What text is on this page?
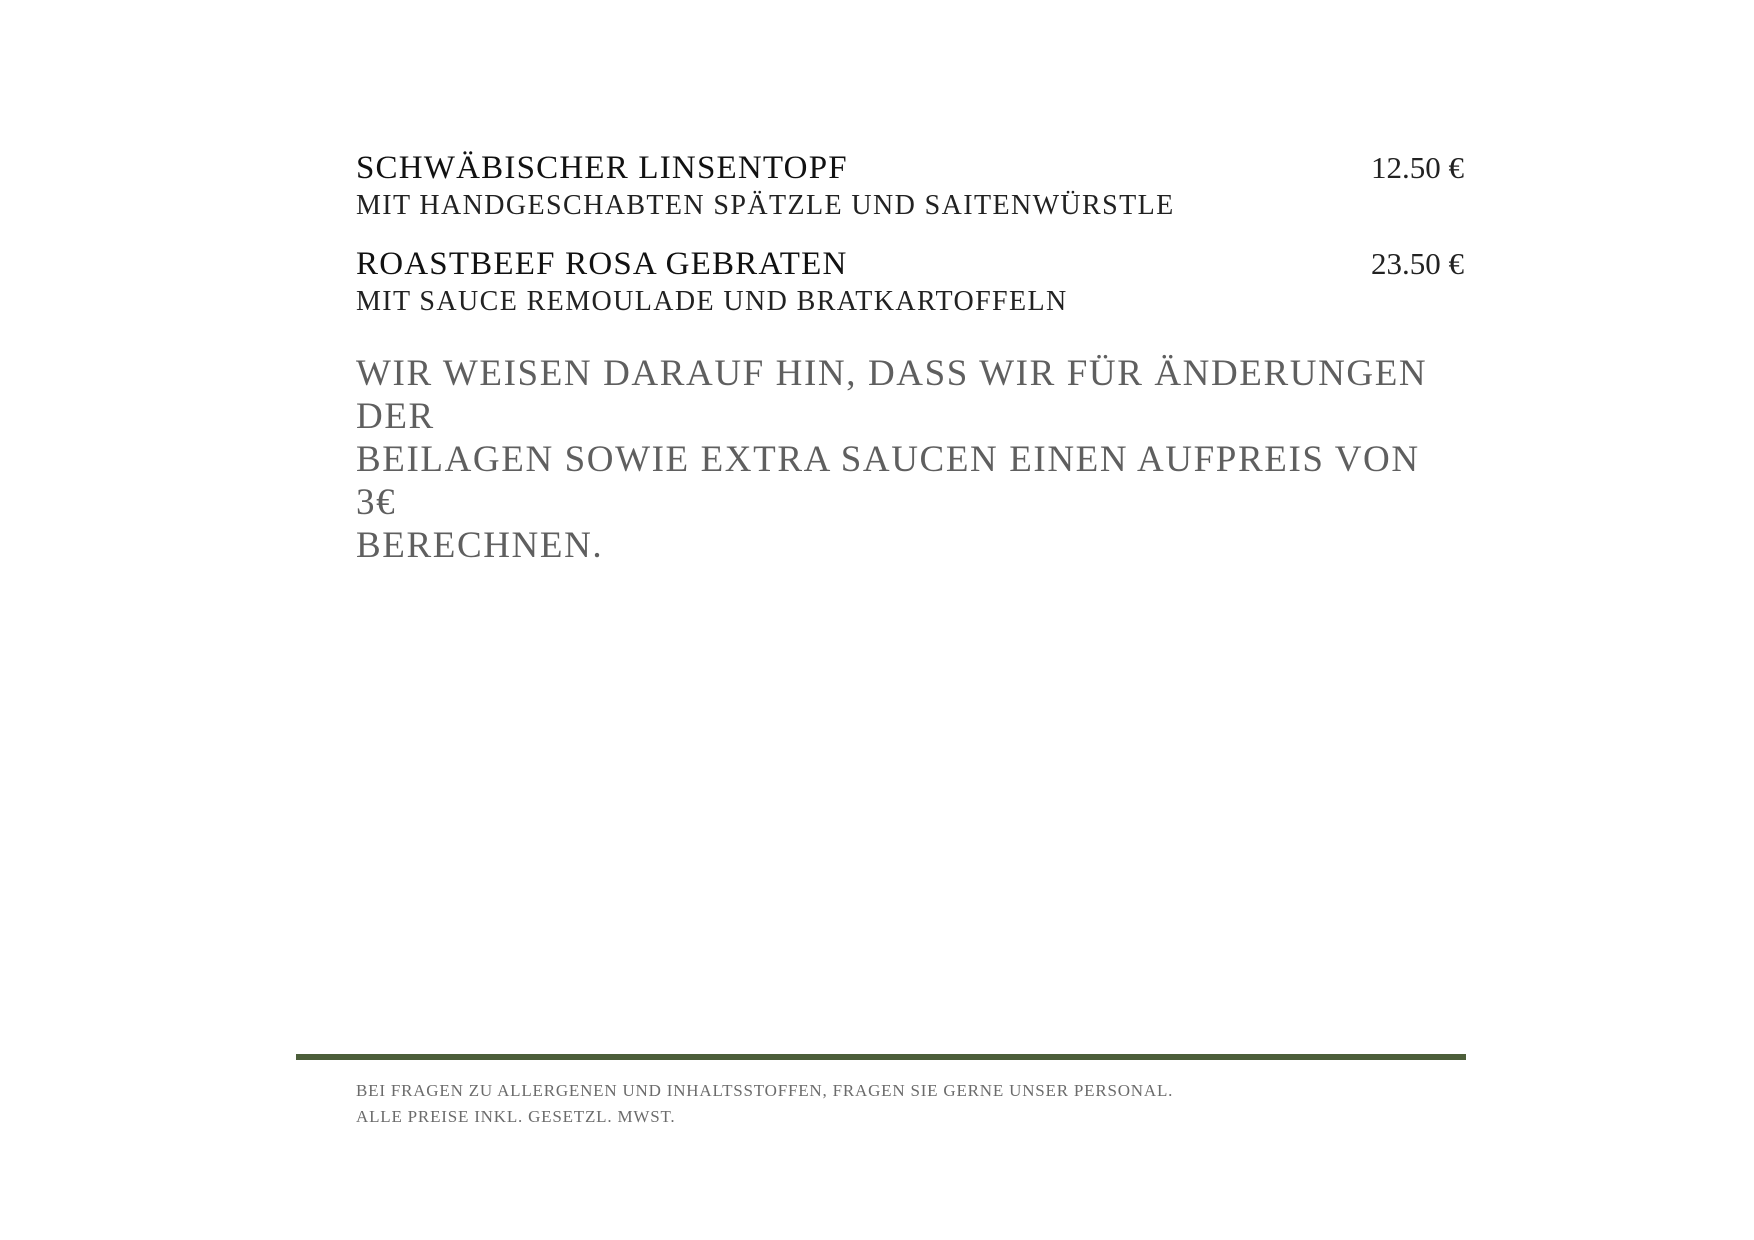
SCHWÄBISCHER LINSENTOPF
MIT HANDGESCHABTEN SPÄTZLE UND SAITENWÜRSTLE
12.50 €
ROASTBEEF ROSA GEBRATEN
MIT SAUCE REMOULADE UND BRATKARTOFFELN
23.50 €
WIR WEISEN DARAUF HIN, DASS WIR FÜR ÄNDERUNGEN DER
BEILAGEN SOWIE EXTRA SAUCEN EINEN AUFPREIS VON 3€
BERECHNEN.
BEI FRAGEN ZU ALLERGENEN UND INHALTSSTOFFEN, FRAGEN SIE GERNE UNSER PERSONAL.
ALLE PREISE INKL. GESETZL. MWST.
